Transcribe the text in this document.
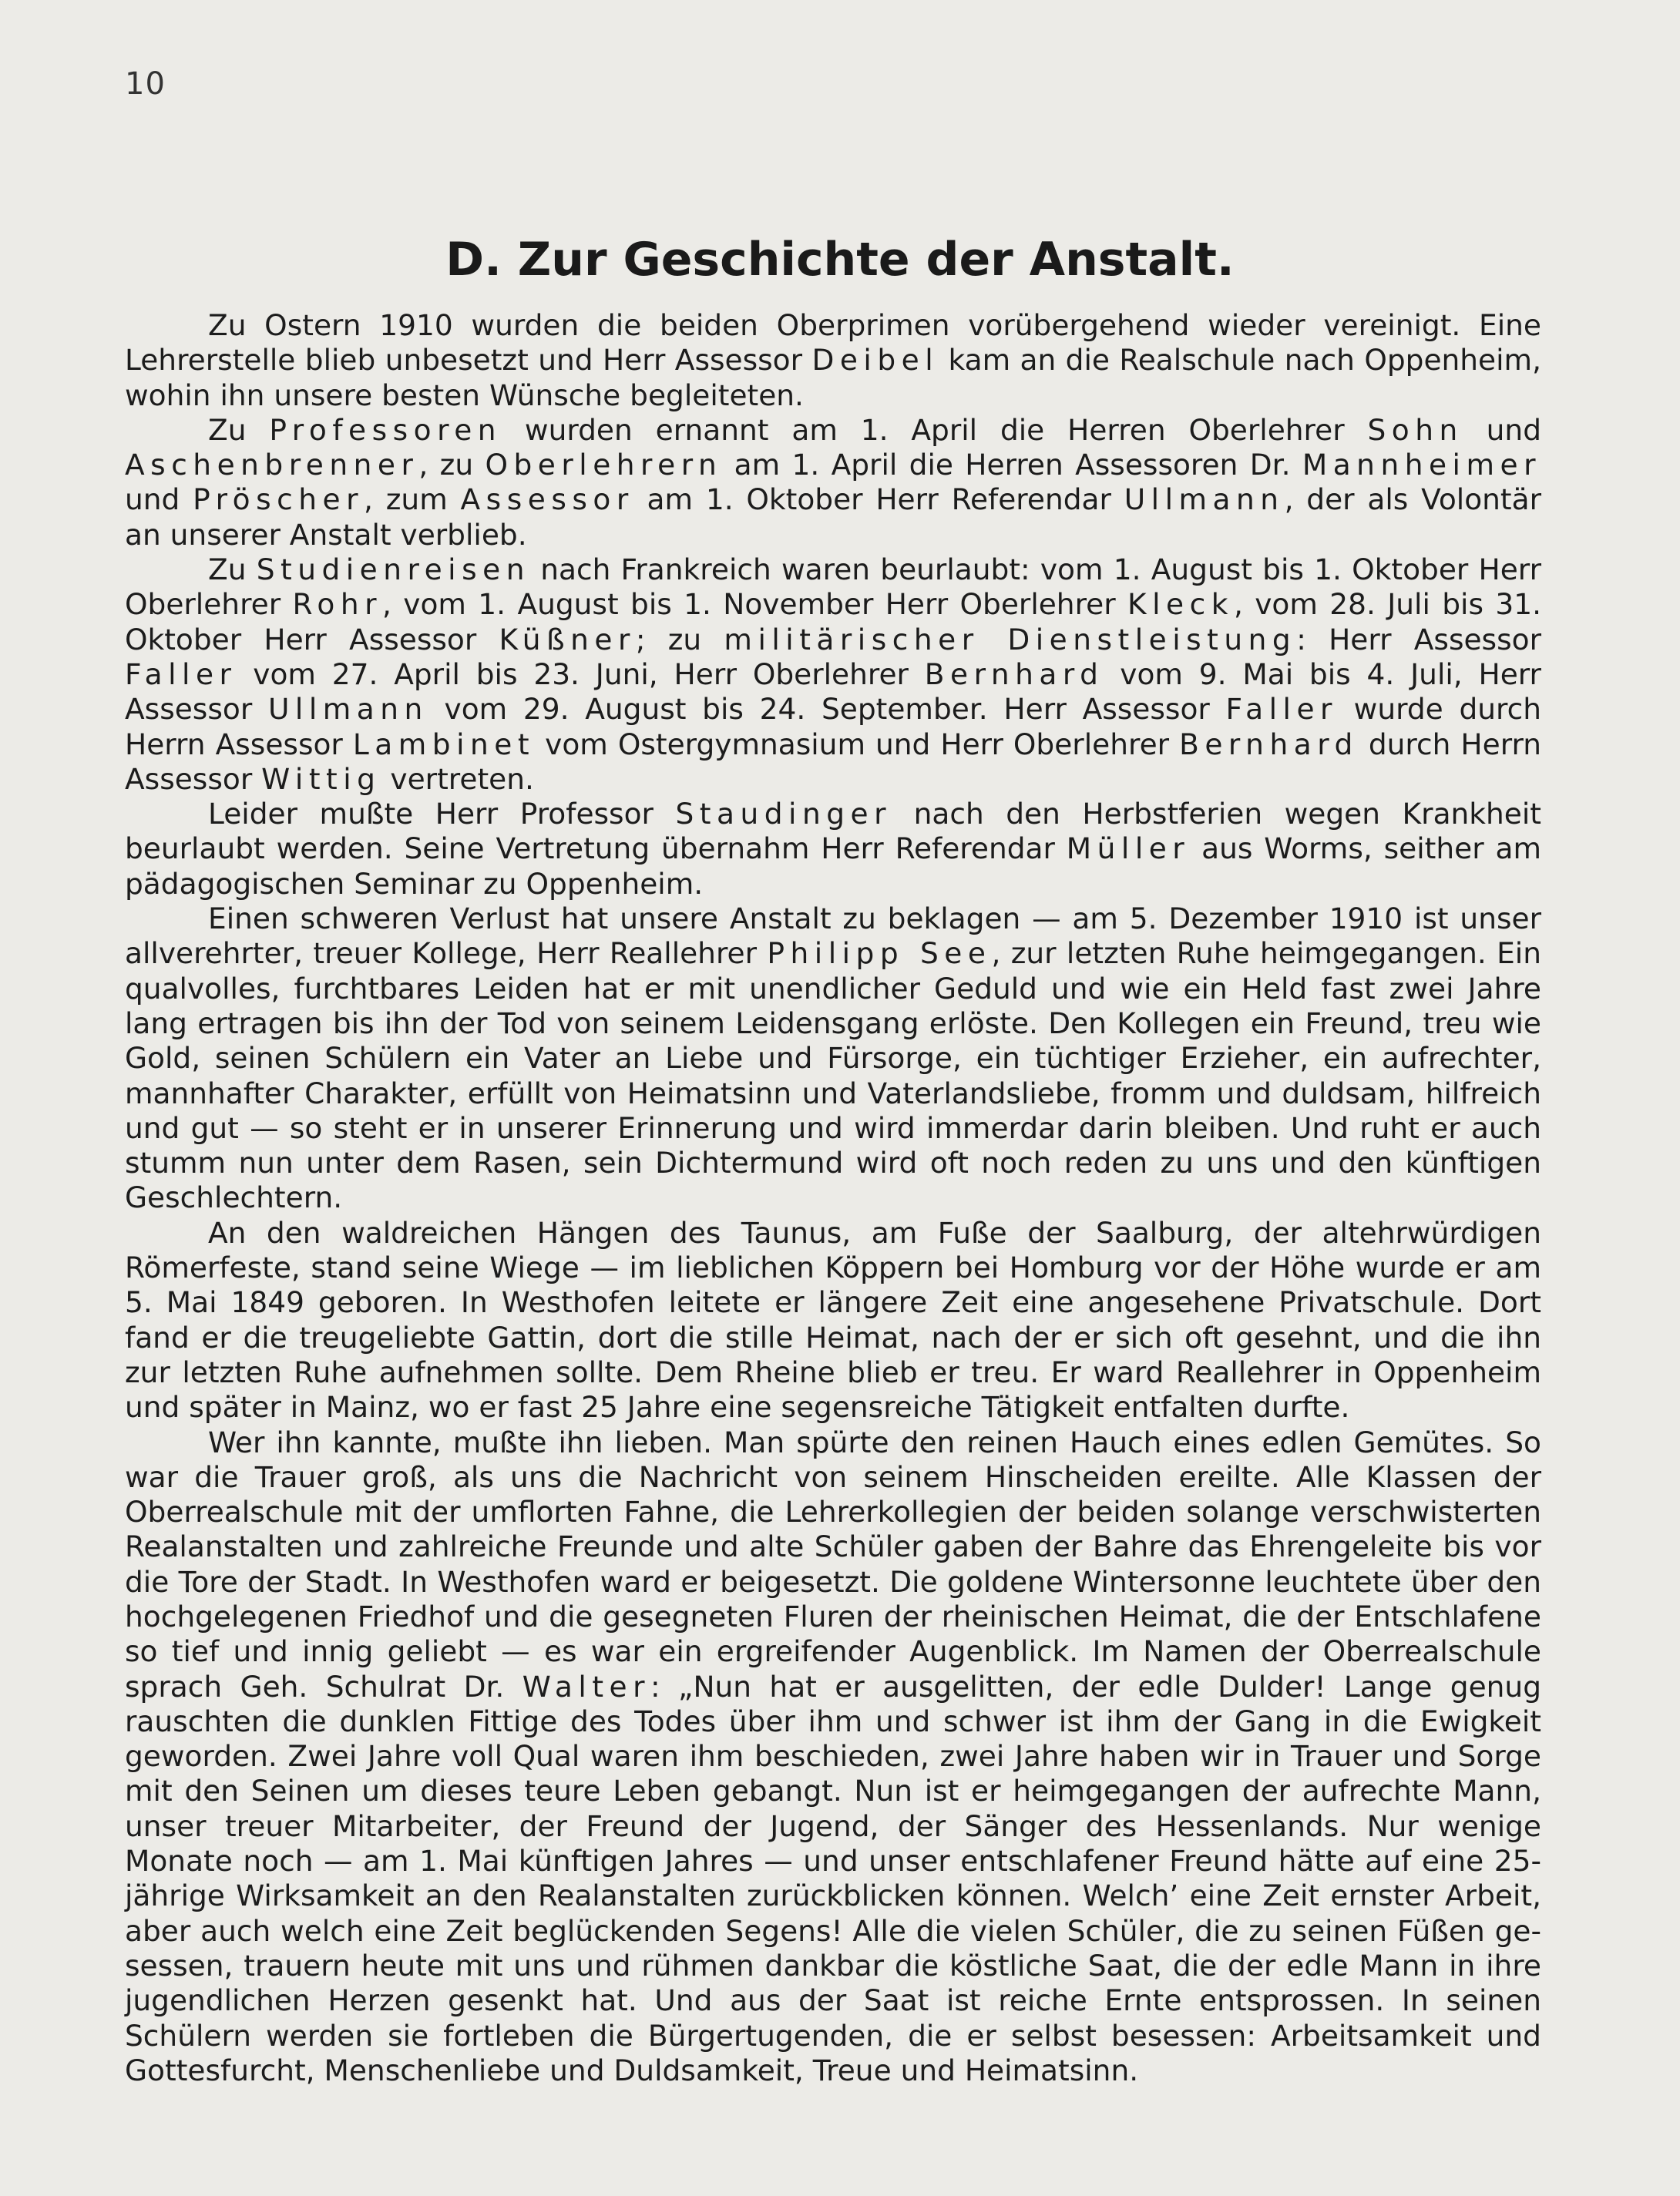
10
D. Zur Geschichte der Anstalt.

Zu Ostern 1910 wurden die beiden Oberprimen vorübergehend wieder vereinigt. Eine Lehrerstelle blieb unbesetzt und Herr Assessor Deibel kam an die Realschule nach Oppenheim, wohin ihn unsere besten Wünsche begleiteten.

Zu Professoren wurden ernannt am 1. April die Herren Oberlehrer Sohn und Aschenbrenner, zu Oberlehrern am 1. April die Herren Assessoren Dr. Mannheimer und Pröscher, zum Assessor am 1. Oktober Herr Referendar Ullmann, der als Volontär an unserer Anstalt verblieb.

Zu Studienreisen nach Frankreich waren beurlaubt: vom 1. August bis 1. Oktober Herr Oberlehrer Rohr, vom 1. August bis 1. November Herr Oberlehrer Kleck, vom 28. Juli bis 31. Oktober Herr Assessor Küßner; zu militärischer Dienstleistung: Herr Assessor Faller vom 27. April bis 23. Juni, Herr Oberlehrer Bernhard vom 9. Mai bis 4. Juli, Herr Assessor Ullmann vom 29. August bis 24. September. Herr Assessor Faller wurde durch Herrn Assessor Lambinet vom Ostergymnasium und Herr Oberlehrer Bernhard durch Herrn Assessor Wittig vertreten.

Leider mußte Herr Professor Staudinger nach den Herbstferien wegen Krankheit beurlaubt werden. Seine Vertretung übernahm Herr Referendar Müller aus Worms, seither am pädagogischen Seminar zu Oppenheim.

Einen schweren Verlust hat unsere Anstalt zu beklagen — am 5. Dezember 1910 ist unser allverehrter, treuer Kollege, Herr Reallehrer Philipp See, zur letzten Ruhe heimgegangen. Ein qualvolles, furchtbares Leiden hat er mit unendlicher Geduld und wie ein Held fast zwei Jahre lang ertragen bis ihn der Tod von seinem Leidensgang erlöste. Den Kollegen ein Freund, treu wie Gold, seinen Schülern ein Vater an Liebe und Fürsorge, ein tüchtiger Erzieher, ein aufrechter, mannhafter Charakter, erfüllt von Heimatsinn und Vaterlandsliebe, fromm und duldsam, hilfreich und gut — so steht er in unserer Erinnerung und wird immerdar darin bleiben. Und ruht er auch stumm nun unter dem Rasen, sein Dichtermund wird oft noch reden zu uns und den künftigen Geschlechtern.

An den waldreichen Hängen des Taunus, am Fuße der Saalburg, der altehrwürdigen Römerfeste, stand seine Wiege — im lieblichen Köppern bei Homburg vor der Höhe wurde er am 5. Mai 1849 geboren. In Westhofen leitete er längere Zeit eine angesehene Privatschule. Dort fand er die treugeliebte Gattin, dort die stille Heimat, nach der er sich oft gesehnt, und die ihn zur letzten Ruhe aufnehmen sollte. Dem Rheine blieb er treu. Er ward Reallehrer in Oppenheim und später in Mainz, wo er fast 25 Jahre eine segensreiche Tätigkeit entfalten durfte.

Wer ihn kannte, mußte ihn lieben. Man spürte den reinen Hauch eines edlen Gemütes. So war die Trauer groß, als uns die Nachricht von seinem Hinscheiden ereilte. Alle Klassen der Oberrealschule mit der umflorten Fahne, die Lehrerkollegien der beiden solange verschwisterten Realanstalten und zahlreiche Freunde und alte Schüler gaben der Bahre das Ehrengeleite bis vor die Tore der Stadt. In Westhofen ward er beigesetzt. Die goldene Wintersonne leuchtete über den hochgelegenen Friedhof und die gesegneten Fluren der rheinischen Heimat, die der Entschlafene so tief und innig geliebt — es war ein ergreifender Augenblick. Im Namen der Oberrealschule sprach Geh. Schulrat Dr. Walter: „Nun hat er ausgelitten, der edle Dulder! Lange genug rauschten die dunklen Fittige des Todes über ihm und schwer ist ihm der Gang in die Ewigkeit geworden. Zwei Jahre voll Qual waren ihm beschieden, zwei Jahre haben wir in Trauer und Sorge mit den Seinen um dieses teure Leben gebangt. Nun ist er heimgegangen der aufrechte Mann, unser treuer Mitarbeiter, der Freund der Jugend, der Sänger des Hessenlands. Nur wenige Monate noch — am 1. Mai künftigen Jahres — und unser entschlafener Freund hätte auf eine 25-jährige Wirksamkeit an den Realanstalten zurückblicken können. Welch’ eine Zeit ernster Arbeit, aber auch welch eine Zeit beglückenden Segens! Alle die vielen Schüler, die zu seinen Füßen gesessen, trauern heute mit uns und rühmen dankbar die köstliche Saat, die der edle Mann in ihre jugendlichen Herzen gesenkt hat. Und aus der Saat ist reiche Ernte entsprossen. In seinen Schülern werden sie fortleben die Bürgertugenden, die er selbst besessen: Arbeitsamkeit und Gottesfurcht, Menschenliebe und Duldsamkeit, Treue und Heimatsinn.
